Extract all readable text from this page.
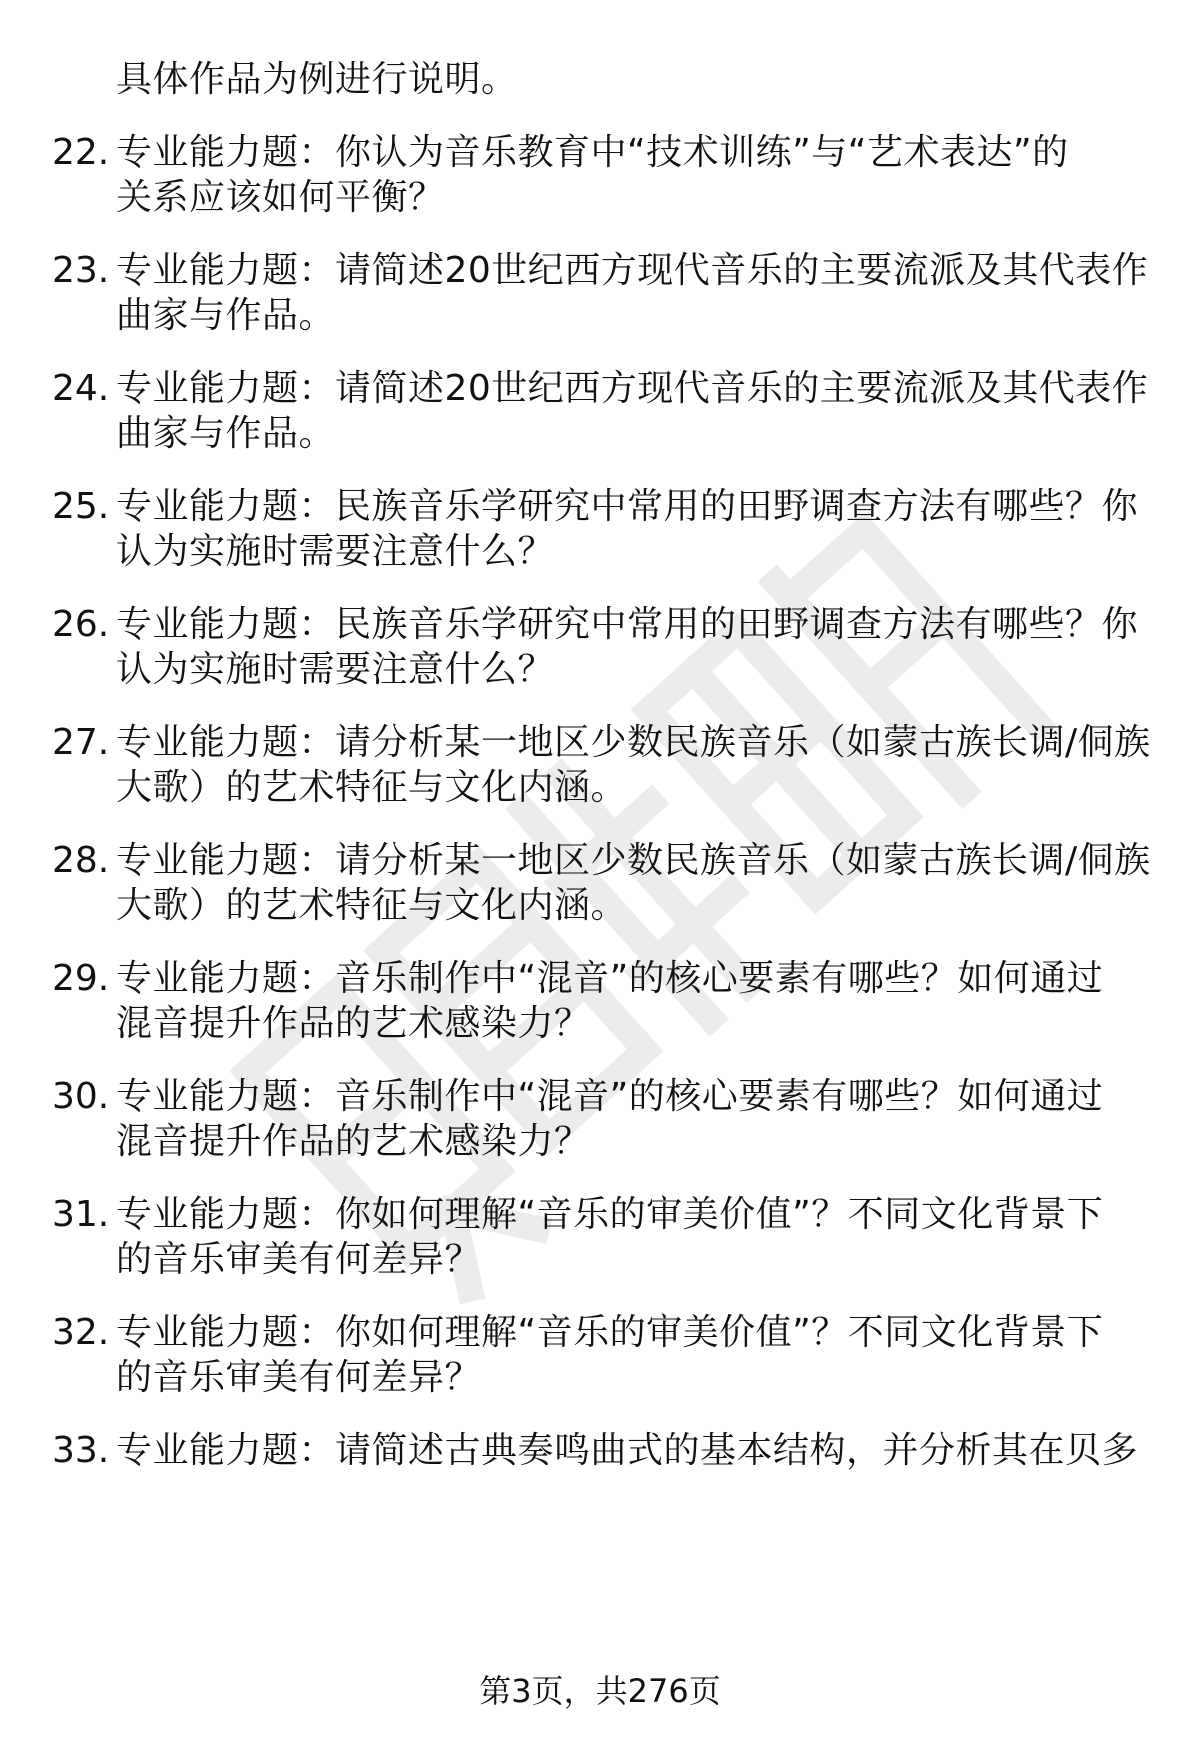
具体作品为例进行说明。
22. 专业能力题：你认为音乐教育中“技术训练”与“艺术表达”的
关系应该如何平衡？
23. 专业能力题：请简述20世纪西方现代音乐的主要流派及其代表作
曲家与作品。
24. 专业能力题：请简述20世纪西方现代音乐的主要流派及其代表作
曲家与作品。
25. 专业能力题：民族音乐学研究中常用的田野调查方法有哪些？你
认为实施时需要注意什么？
26. 专业能力题：民族音乐学研究中常用的田野调查方法有哪些？你
认为实施时需要注意什么？
27. 专业能力题：请分析某一地区少数民族音乐（如蒙古族长调/侗族
大歌）的艺术特征与文化内涵。
28. 专业能力题：请分析某一地区少数民族音乐（如蒙古族长调/侗族
大歌）的艺术特征与文化内涵。
29. 专业能力题：音乐制作中“混音”的核心要素有哪些？如何通过
混音提升作品的艺术感染力？
30. 专业能力题：音乐制作中“混音”的核心要素有哪些？如何通过
混音提升作品的艺术感染力？
31. 专业能力题：你如何理解“音乐的审美价值”？不同文化背景下
的音乐审美有何差异？
32. 专业能力题：你如何理解“音乐的审美价值”？不同文化背景下
的音乐审美有何差异？
33. 专业能力题：请简述古典奏鸣曲式的基本结构，并分析其在贝多
第3页，共276页
